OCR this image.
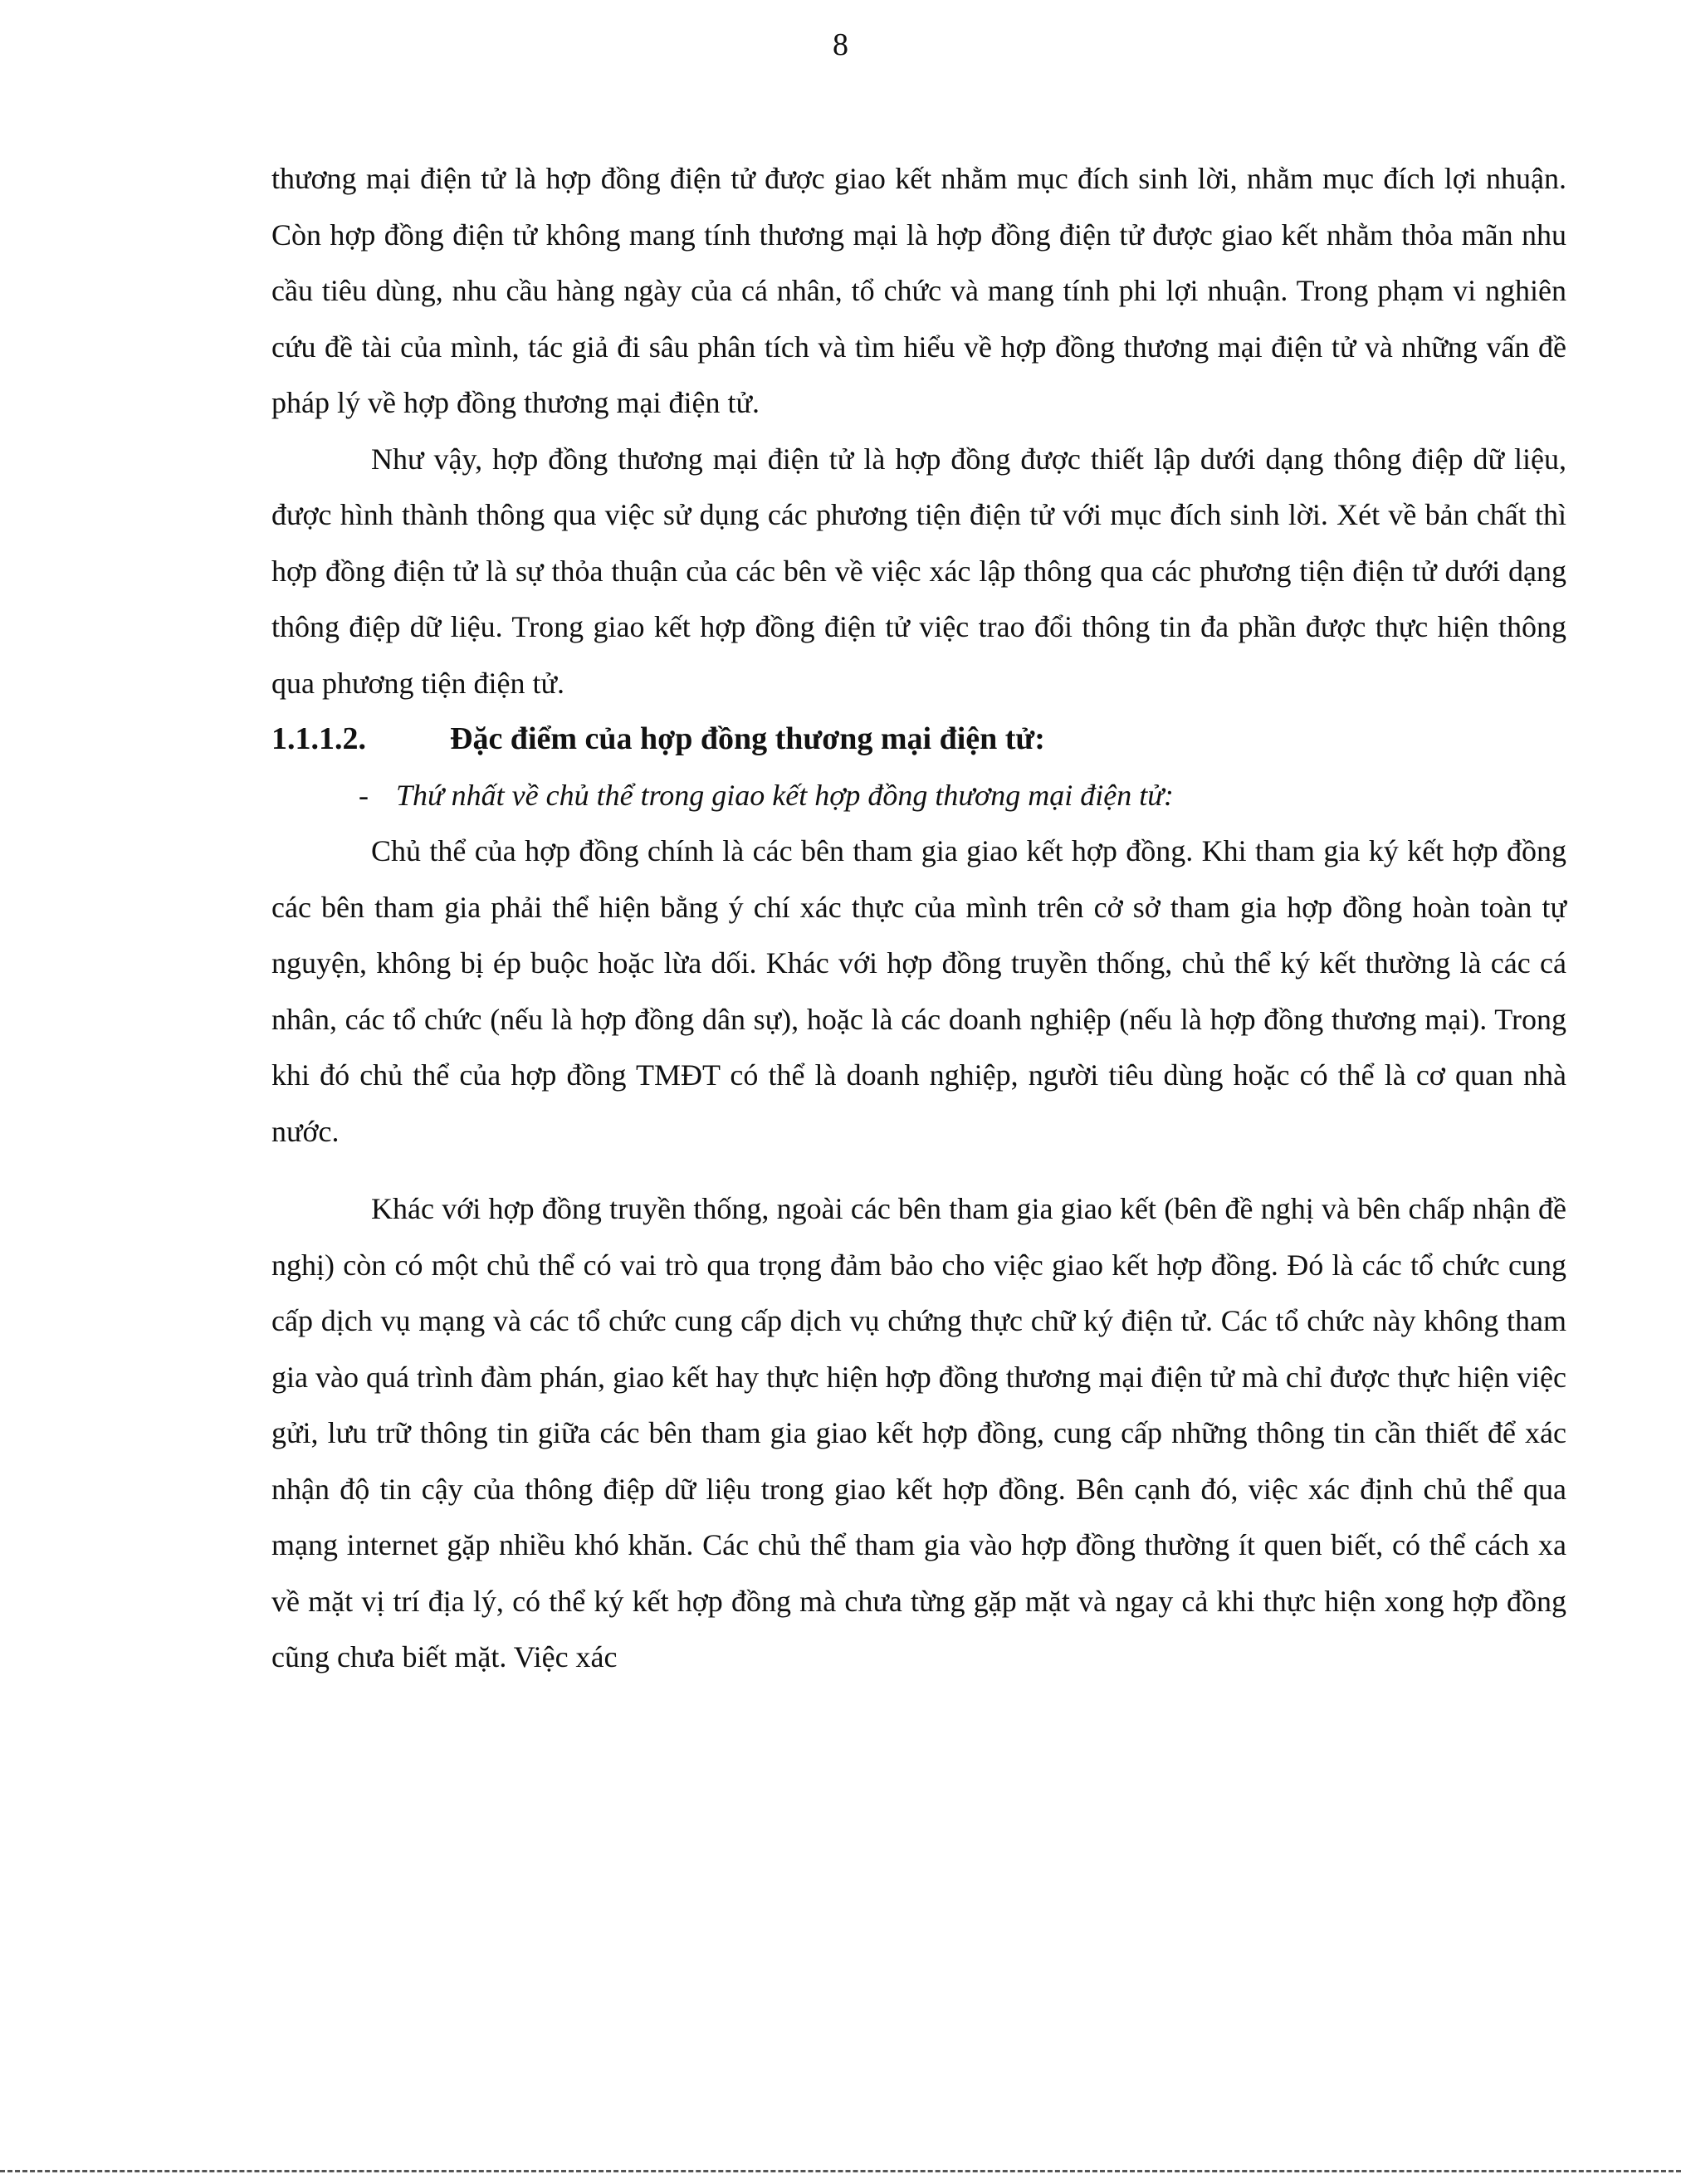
8

thương mại điện tử là hợp đồng điện tử được giao kết nhằm mục đích sinh lời, nhằm mục đích lợi nhuận. Còn hợp đồng điện tử không mang tính thương mại là hợp đồng điện tử được giao kết nhằm thỏa mãn nhu cầu tiêu dùng, nhu cầu hàng ngày của cá nhân, tổ chức và mang tính phi lợi nhuận. Trong phạm vi nghiên cứu đề tài của mình, tác giả đi sâu phân tích và tìm hiểu về hợp đồng thương mại điện tử và những vấn đề pháp lý về hợp đồng thương mại điện tử.

Như vậy, hợp đồng thương mại điện tử là hợp đồng được thiết lập dưới dạng thông điệp dữ liệu, được hình thành thông qua việc sử dụng các phương tiện điện tử với mục đích sinh lời. Xét về bản chất thì hợp đồng điện tử là sự thỏa thuận của các bên về việc xác lập thông qua các phương tiện điện tử dưới dạng thông điệp dữ liệu. Trong giao kết hợp đồng điện tử việc trao đổi thông tin đa phần được thực hiện thông qua phương tiện điện tử.

1.1.1.2.	Đặc điểm của hợp đồng thương mại điện tử:

- Thứ nhất về chủ thể trong giao kết hợp đồng thương mại điện tử:

Chủ thể của hợp đồng chính là các bên tham gia giao kết hợp đồng. Khi tham gia ký kết hợp đồng các bên tham gia phải thể hiện bằng ý chí xác thực của mình trên cở sở tham gia hợp đồng hoàn toàn tự nguyện, không bị ép buộc hoặc lừa dối. Khác với hợp đồng truyền thống, chủ thể ký kết thường là các cá nhân, các tổ chức (nếu là hợp đồng dân sự), hoặc là các doanh nghiệp (nếu là hợp đồng thương mại). Trong khi đó chủ thể của hợp đồng TMĐT có thể là doanh nghiệp, người tiêu dùng hoặc có thể là cơ quan nhà nước.

Khác với hợp đồng truyền thống, ngoài các bên tham gia giao kết (bên đề nghị và bên chấp nhận đề nghị) còn có một chủ thể có vai trò qua trọng đảm bảo cho việc giao kết hợp đồng. Đó là các tổ chức cung cấp dịch vụ mạng và các tổ chức cung cấp dịch vụ chứng thực chữ ký điện tử. Các tổ chức này không tham gia vào quá trình đàm phán, giao kết hay thực hiện hợp đồng thương mại điện tử mà chỉ được thực hiện việc gửi, lưu trữ thông tin giữa các bên tham gia giao kết hợp đồng, cung cấp những thông tin cần thiết để xác nhận độ tin cậy của thông điệp dữ liệu trong giao kết hợp đồng. Bên cạnh đó, việc xác định chủ thể qua mạng internet gặp nhiều khó khăn. Các chủ thể tham gia vào hợp đồng thường ít quen biết, có thể cách xa về mặt vị trí địa lý, có thể ký kết hợp đồng mà chưa từng gặp mặt và ngay cả khi thực hiện xong hợp đồng cũng chưa biết mặt. Việc xác
